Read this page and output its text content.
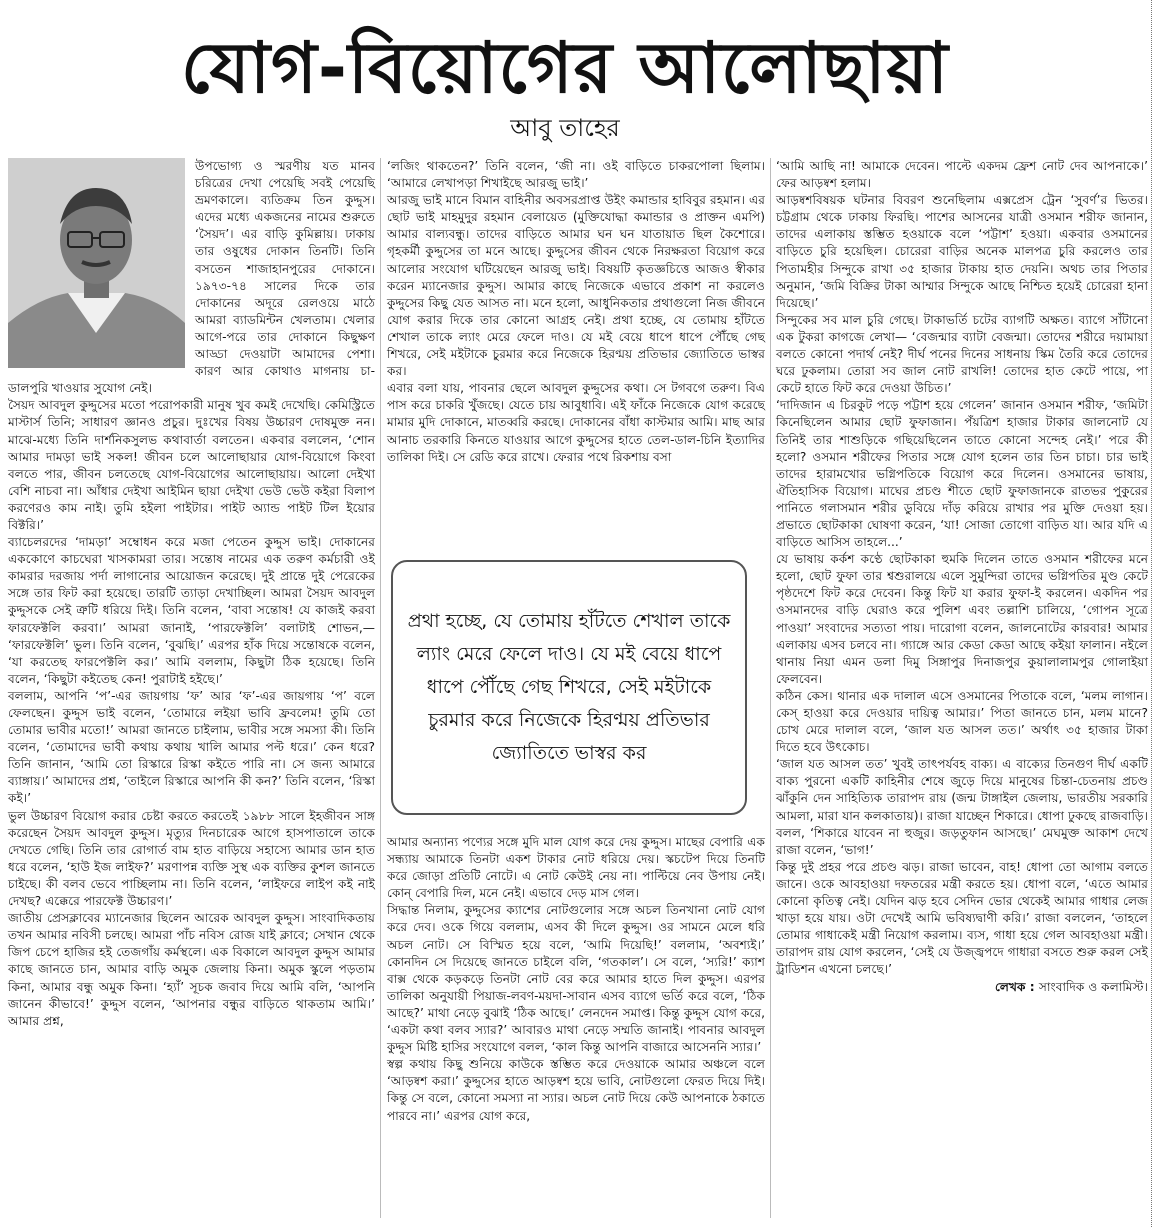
যোগ-বিয়োগের আলোছায়া

আবু তাহের

উপভোগ্য ও স্মরণীয় যত মানব চরিত্রের দেখা পেয়েছি সবই পেয়েছি ভ্রমণকালে। ব্যতিক্রম তিন কুদ্দুস। এদের মধ্যে একজনের নামের শুরুতে ‘সৈয়দ’। এর বাড়ি কুমিল্লায়। ঢাকায় তার ওষুধের দোকান তিনটি। তিনি বসতেন শাজাহানপুরের দোকানে। ১৯৭৩-৭৪ সালের দিকে তার দোকানের অদূরে রেলওয়ে মাঠে আমরা ব্যাডমিন্টন খেলতাম। খেলার আগে-পরে তার দোকানে কিছুক্ষণ আড্ডা দেওয়াটা আমাদের পেশা। কারণ আর কোথাও মাগনায় চা-ডালপুরি খাওয়ার সুযোগ নেই।

সৈয়দ আবদুল কুদ্দুসের মতো পরোপকারী মানুষ খুব কমই দেখেছি। কেমিস্ট্রিতে মাস্টার্স তিনি; সাধারণ জ্ঞানও প্রচুর। দুঃখের বিষয় উচ্চারণ দোষমুক্ত নন। মাঝে-মধ্যে তিনি দার্শনিকসুলভ কথাবার্তা বলতেন। একবার বললেন, ‘শোন আমার দামড়া ভাই সকল! জীবন চলে আলোছায়ার যোগ-বিয়োগে কিংবা বলতে পার, জীবন চলতেছে যোগ-বিয়োগের আলোছায়ায়। আলো দেইখা বেশি নাচবা না। আঁধার দেইখা আইমিন ছায়া দেইখা ভেউ ভেউ কইরা বিলাপ করণেরও কাম নাই। তুমি হইলা পাইটার। পাইট অ্যান্ড পাইট টিল ইয়োর বিক্টরি।’

ব্যাচেলরদের ‘দামড়া’ সম্বোধন করে মজা পেতেন কুদ্দুস ভাই। দোকানের এককোণে কাচঘেরা খাসকামরা তার। সন্তোষ নামের এক তরুণ কর্মচারী ওই কামরার দরজায় পর্দা লাগানোর আয়োজন করেছে। দুই প্রান্তে দুই পেরেকের সঙ্গে তার ফিট করা হয়েছে। তারটি ত্যাড়া দেখাচ্ছিল। আমরা সৈয়দ আবদুল কুদ্দুসকে সেই ত্রুটি ধরিয়ে দিই। তিনি বলেন, ‘বাবা সন্তোষ! যে কাজই করবা ফারফেক্টলি করবা।’ আমরা জানাই, ‘পারফেক্টলি’ বলাটাই শোভন,— ‘ফারফেক্টলি’ ভুল। তিনি বলেন, ‘বুঝছি।’ এরপর হাঁক দিয়ে সন্তোষকে বলেন, ‘যা করতেছ ফারপেক্টলি কর।’ আমি বললাম, কিছুটা ঠিক হয়েছে। তিনি বলেন, ‘কিছুটা কইতেছ কেন! পুরাটাই হইছে।’

বললাম, আপনি ‘প’-এর জায়গায় ‘ফ’ আর ‘ফ’-এর জায়গায় ‘প’ বলে ফেলছেন। কুদ্দুস ভাই বলেন, ‘তোমারে লইয়া ভাবি ফ্রবলেম! তুমি তো তোমার ভাবীর মতো!’ আমরা জানতে চাইলাম, ভাবীর সঙ্গে সমস্যা কী। তিনি বলেন, ‘তোমাদের ভাবী কথায় কথায় খালি আমার পল্ট ধরে।’ কেন ধরে? তিনি জানান, ‘আমি তো রিস্কারে রিস্কা কইতে পারি না। সে জন্য আমারে ব্যাঙ্গায়।’ আমাদের প্রশ্ন, ‘তাইলে রিস্কারে আপনি কী কন?’ তিনি বলেন, ‘রিস্কা কই।’

ভুল উচ্চারণ বিয়োগ করার চেষ্টা করতে করতেই ১৯৮৮ সালে ইহজীবন সাঙ্গ করেছেন সৈয়দ আবদুল কুদ্দুস। মৃত্যুর দিনচারেক আগে হাসপাতালে তাকে দেখতে গেছি। তিনি তার রোগার্ত বাম হাত বাড়িয়ে সহাস্যে আমার ডান হাত ধরে বলেন, ‘হাউ ইজ লাইফ?’ মরণাপন্ন ব্যক্তি সুস্থ এক ব্যক্তির কুশল জানতে চাইছে। কী বলব ভেবে পাচ্ছিলাম না। তিনি বলেন, ‘লাইফরে লাইপ কই নাই দেখছ? এক্কেরে পারফেক্ট উচ্চারণ।’

জাতীয় প্রেসক্লাবের ম্যানেজার ছিলেন আরেক আবদুল কুদ্দুস। সাংবাদিকতায় তখন আমার নবিসী চলছে। আমরা পাঁচ নবিস রোজ যাই ক্লাবে; সেখান থেকে জিপ চেপে হাজির হই তেজগাঁয় কর্মস্থলে। এক বিকালে আবদুল কুদ্দুস আমার কাছে জানতে চান, আমার বাড়ি অমুক জেলায় কিনা। অমুক স্কুলে পড়তাম কিনা, আমার বন্ধু অমুক কিনা। ‘হ্যাঁ’ সূচক জবাব দিয়ে আমি বলি, ‘আপনি জানেন কীভাবে!’ কুদ্দুস বলেন, ‘আপনার বন্ধুর বাড়িতে থাকতাম আমি।’ আমার প্রশ্ন,

‘লজিং থাকতেন?’ তিনি বলেন, ‘জী না। ওই বাড়িতে চাকরপোলা ছিলাম। ‘আমারে লেখাপড়া শিখাইছে আরজু ভাই।’

আরজু ভাই মানে বিমান বাহিনীর অবসরপ্রাপ্ত উইং কমান্ডার হাবিবুর রহমান। এর ছোট ভাই মাহমুদুর রহমান বেলায়েত (মুক্তিযোদ্ধা কমান্ডার ও প্রাক্তন এমপি) আমার বাল্যবন্ধু। তাদের বাড়িতে আমার ঘন ঘন যাতায়াত ছিল কৈশোরে। গৃহকর্মী কুদ্দুসের তা মনে আছে। কুদ্দুসের জীবন থেকে নিরক্ষরতা বিয়োগ করে আলোর সংযোগ ঘটিয়েছেন আরজু ভাই। বিষয়টি কৃতজ্ঞচিত্তে আজও স্বীকার করেন ম্যানেজার কুদ্দুস। আমার কাছে নিজেকে এভাবে প্রকাশ না করলেও কুদ্দুসের কিছু যেত আসত না। মনে হলো, আধুনিকতার প্রথাগুলো নিজ জীবনে যোগ করার দিকে তার কোনো আগ্রহ নেই। প্রথা হচ্ছে, যে তোমায় হাঁটতে শেখাল তাকে ল্যাং মেরে ফেলে দাও। যে মই বেয়ে ধাপে ধাপে পৌঁছে গেছ শিখরে, সেই মইটাকে চুরমার করে নিজেকে হিরণ্ময় প্রতিভার জ্যোতিতে ভাস্বর কর।

এবার বলা যায়, পাবনার ছেলে আবদুল কুদ্দুসের কথা। সে টগবগে তরুণ। বিএ পাস করে চাকরি খুঁজছে। যেতে চায় আবুধাবি। এই ফাঁকে নিজেকে যোগ করেছে মামার মুদি দোকানে, মাতব্বরি করছে। দোকানের বাঁধা কাস্টমার আমি। মাছ আর আনাচ তরকারি কিনতে যাওয়ার আগে কুদ্দুসের হাতে তেল-ডাল-চিনি ইত্যাদির তালিকা দিই। সে রেডি করে রাখে। ফেরার পথে রিকশায় বসা

প্রথা হচ্ছে, যে তোমায় হাঁটতে শেখাল তাকে ল্যাং মেরে ফেলে দাও। যে মই বেয়ে ধাপে ধাপে পৌঁছে গেছ শিখরে, সেই মইটাকে চুরমার করে নিজেকে হিরণ্ময় প্রতিভার জ্যোতিতে ভাস্বর কর

আমার অন্যান্য পণ্যের সঙ্গে মুদি মাল যোগ করে দেয় কুদ্দুস। মাছের বেপারি এক সন্ধ্যায় আমাকে তিনটা একশ টাকার নোট ধরিয়ে দেয়। স্কচটেপ দিয়ে তিনটি করে জোড়া প্রতিটি নোটে। এ নোট কেউই নেয় না। পাল্টিয়ে নেব উপায় নেই। কোন্ বেপারি দিল, মনে নেই। এভাবে দেড় মাস গেল।

সিদ্ধান্ত নিলাম, কুদ্দুসের ক্যাশের নোটগুলোর সঙ্গে অচল তিনখানা নোট যোগ করে দেব। ওকে গিয়ে বললাম, এসব কী দিলে কুদ্দুস। ওর সামনে মেলে ধরি অচল নোট। সে বিস্মিত হয়ে বলে, ‘আমি দিয়েছি!’ বললাম, ‘অবশ্যই।’ কোনদিন সে দিয়েছে জানতে চাইলে বলি, ‘গতকাল’। সে বলে, ‘স্যরি!’ ক্যাশ বাক্স থেকে কড়কড়ে তিনটা নোট বের করে আমার হাতে দিল কুদ্দুস। এরপর তালিকা অনুযায়ী পিয়াজ-লবণ-ময়দা-সাবান এসব ব্যাগে ভর্তি করে বলে, ‘ঠিক আছে?’ মাথা নেড়ে বুঝাই ‘ঠিক আছে।’ লেনদেন সমাপ্ত। কিন্তু কুদ্দুস যোগ করে, ‘একটা কথা বলব স্যার?’ আবারও মাথা নেড়ে সম্মতি জানাই। পাবনার আবদুল কুদ্দুস মিষ্টি হাসির সংযোগে বলল, ‘কাল কিন্তু আপনি বাজারে আসেননি স্যার।’

স্বল্প কথায় কিছু শুনিয়ে কাউকে স্তম্ভিত করে দেওয়াকে আমার অঞ্চলে বলে ‘আড়ষ্বশ করা।’ কুদ্দুসের হাতে আড়ষ্বশ হয়ে ভাবি, নোটগুলো ফেরত দিয়ে দিই। কিন্তু সে বলে, কোনো সমস্যা না স্যার। অচল নোট দিয়ে কেউ আপনাকে ঠকাতে পারবে না।’ এরপর যোগ করে,

‘আমি আছি না! আমাকে দেবেন। পাল্টে একদম ফ্রেশ নোট দেব আপনাকে।’ ফের আড়ষ্বশ হলাম।

আড়ষ্বশবিষয়ক ঘটনার বিবরণ শুনেছিলাম এক্সপ্রেস ট্রেন ‘সুবর্ণ’র ভিতর। চট্টগ্রাম থেকে ঢাকায় ফিরছি। পাশের আসনের যাত্রী ওসমান শরীফ জানান, তাদের এলাকায় স্তম্ভিত হওয়াকে বলে ‘পট্টাশ’ হওয়া। একবার ওসমানের বাড়িতে চুরি হয়েছিল। চোরেরা বাড়ির অনেক মালপত্র চুরি করলেও তার পিতামহীর সিন্দুকে রাখা ৩৫ হাজার টাকায় হাত দেয়নি। অথচ তার পিতার অনুমান, ‘জমি বিক্রির টাকা আম্মার সিন্দুকে আছে নিশ্চিত হয়েই চোরেরা হানা দিয়েছে।’

সিন্দুকের সব মাল চুরি গেছে। টাকাভর্তি চটের ব্যাগটি অক্ষত। ব্যাগে সাঁটানো এক টুকরা কাগজে লেখা— ‘বেজন্মার ব্যাটা বেজন্মা। তোদের শরীরে দয়ামায়া বলতে কোনো পদার্থ নেই? দীর্ঘ পনের দিনের সাধনায় স্কিম তৈরি করে তোদের ঘরে ঢুকলাম। তোরা সব জাল নোট রাখলি! তোদের হাত কেটে পায়ে, পা কেটে হাতে ফিট করে দেওয়া উচিত।’

‘দাদিজান এ চিরকুট পড়ে পট্টাশ হয়ে গেলেন’ জানান ওসমান শরীফ, ‘জমিটা কিনেছিলেন আমার ছোট ফুফাজান। পঁয়ত্রিশ হাজার টাকার জালনোট যে তিনিই তার শাশুড়িকে গছিয়েছিলেন তাতে কোনো সন্দেহ নেই।’ পরে কী হলো? ওসমান শরীফের পিতার সঙ্গে যোগ হলেন তার তিন চাচা। চার ভাই তাদের হারামখোর ভগ্নিপতিকে বিয়োগ করে দিলেন। ওসমানের ভাষায়, ঐতিহাসিক বিয়োগ। মাঘের প্রচণ্ড শীতে ছোট ফুফাজানকে রাতভর পুকুরের পানিতে গলাসমান শরীর ডুবিয়ে দাঁড় করিয়ে রাখার পর মুক্তি দেওয়া হয়। প্রভাতে ছোটকাকা ঘোষণা করেন, ‘যা! সোজা তোগো বাড়িত যা। আর যদি এ বাড়িতে আসিস তাহলে...’

যে ভাষায় কর্কশ কণ্ঠে ছোটকাকা হুমকি দিলেন তাতে ওসমান শরীফের মনে হলো, ছোট ফুফা তার শ্বশুরালয়ে এলে সুমুন্দিরা তাদের ভগ্নিপতির মুণ্ড কেটে পৃষ্ঠদেশে ফিট করে দেবেন। কিন্তু ফিট যা করার ফুফা-ই করলেন। একদিন পর ওসমানদের বাড়ি ঘেরাও করে পুলিশ এবং তল্লাশি চালিয়ে, ‘গোপন সূত্রে পাওয়া’ সংবাদের সত্যতা পায়। দারোগা বলেন, জালনোটের কারবার! আমার এলাকায় এসব চলবে না। গ্যাঙ্গে আর কেডা কেডা আছে কইয়া ফালান। নইলে থানায় নিয়া এমন ডলা দিমু সিঙ্গাপুর দিনাজপুর কুয়ালালামপুর গোলাইয়া ফেলবেন।

কঠিন কেস। থানার এক দালাল এসে ওসমানের পিতাকে বলে, ‘মলম লাগান। কেস্ হাওয়া করে দেওয়ার দায়িত্ব আমার।’ পিতা জানতে চান, মলম মানে? চোখ মেরে দালাল বলে, ‘জাল যত আসল তত।’ অর্থাৎ ৩৫ হাজার টাকা দিতে হবে উৎকোচ।

‘জাল যত আসল তত’ খুবই তাৎপর্যবহ বাক্য। এ বাক্যের তিনগুণ দীর্ঘ একটি বাক্য পুরনো একটি কাহিনীর শেষে জুড়ে দিয়ে মানুষের চিন্তা-চেতনায় প্রচণ্ড ঝাঁকুনি দেন সাহিত্যিক তারাপদ রায় (জন্ম টাঙ্গাইল জেলায়, ভারতীয় সরকারি আমলা, মারা যান কলকাতায়)। রাজা যাচ্ছেন শিকারে। ধোপা ঢুকছে রাজবাড়ি। বলল, ‘শিকারে যাবেন না হুজুর। জড়তুফান আসছে।’ মেঘমুক্ত আকাশ দেখে রাজা বলেন, ‘ভাগ!’

কিন্তু দুই প্রহর পরে প্রচণ্ড ঝড়। রাজা ভাবেন, বাহ! ধোপা তো আগাম বলতে জানে। ওকে আবহাওয়া দফতরের মন্ত্রী করতে হয়। ধোপা বলে, ‘এতে আমার কোনো কৃতিত্ব নেই। যেদিন ঝড় হবে সেদিন ভোর থেকেই আমার গাধার লেজ খাড়া হয়ে যায়। ওটা দেখেই আমি ভবিষ্যদ্বাণী করি।’ রাজা বললেন, ‘তাহলে তোমার গাধাকেই মন্ত্রী নিয়োগ করলাম। ব্যস, গাধা হয়ে গেল আবহাওয়া মন্ত্রী। তারাপদ রায় যোগ করলেন, ‘সেই যে উজ্জ্বপদে গাধারা বসতে শুরু করল সেই ট্রাডিশন এখনো চলছে।’

লেখক : সাংবাদিক ও কলামিস্ট।
